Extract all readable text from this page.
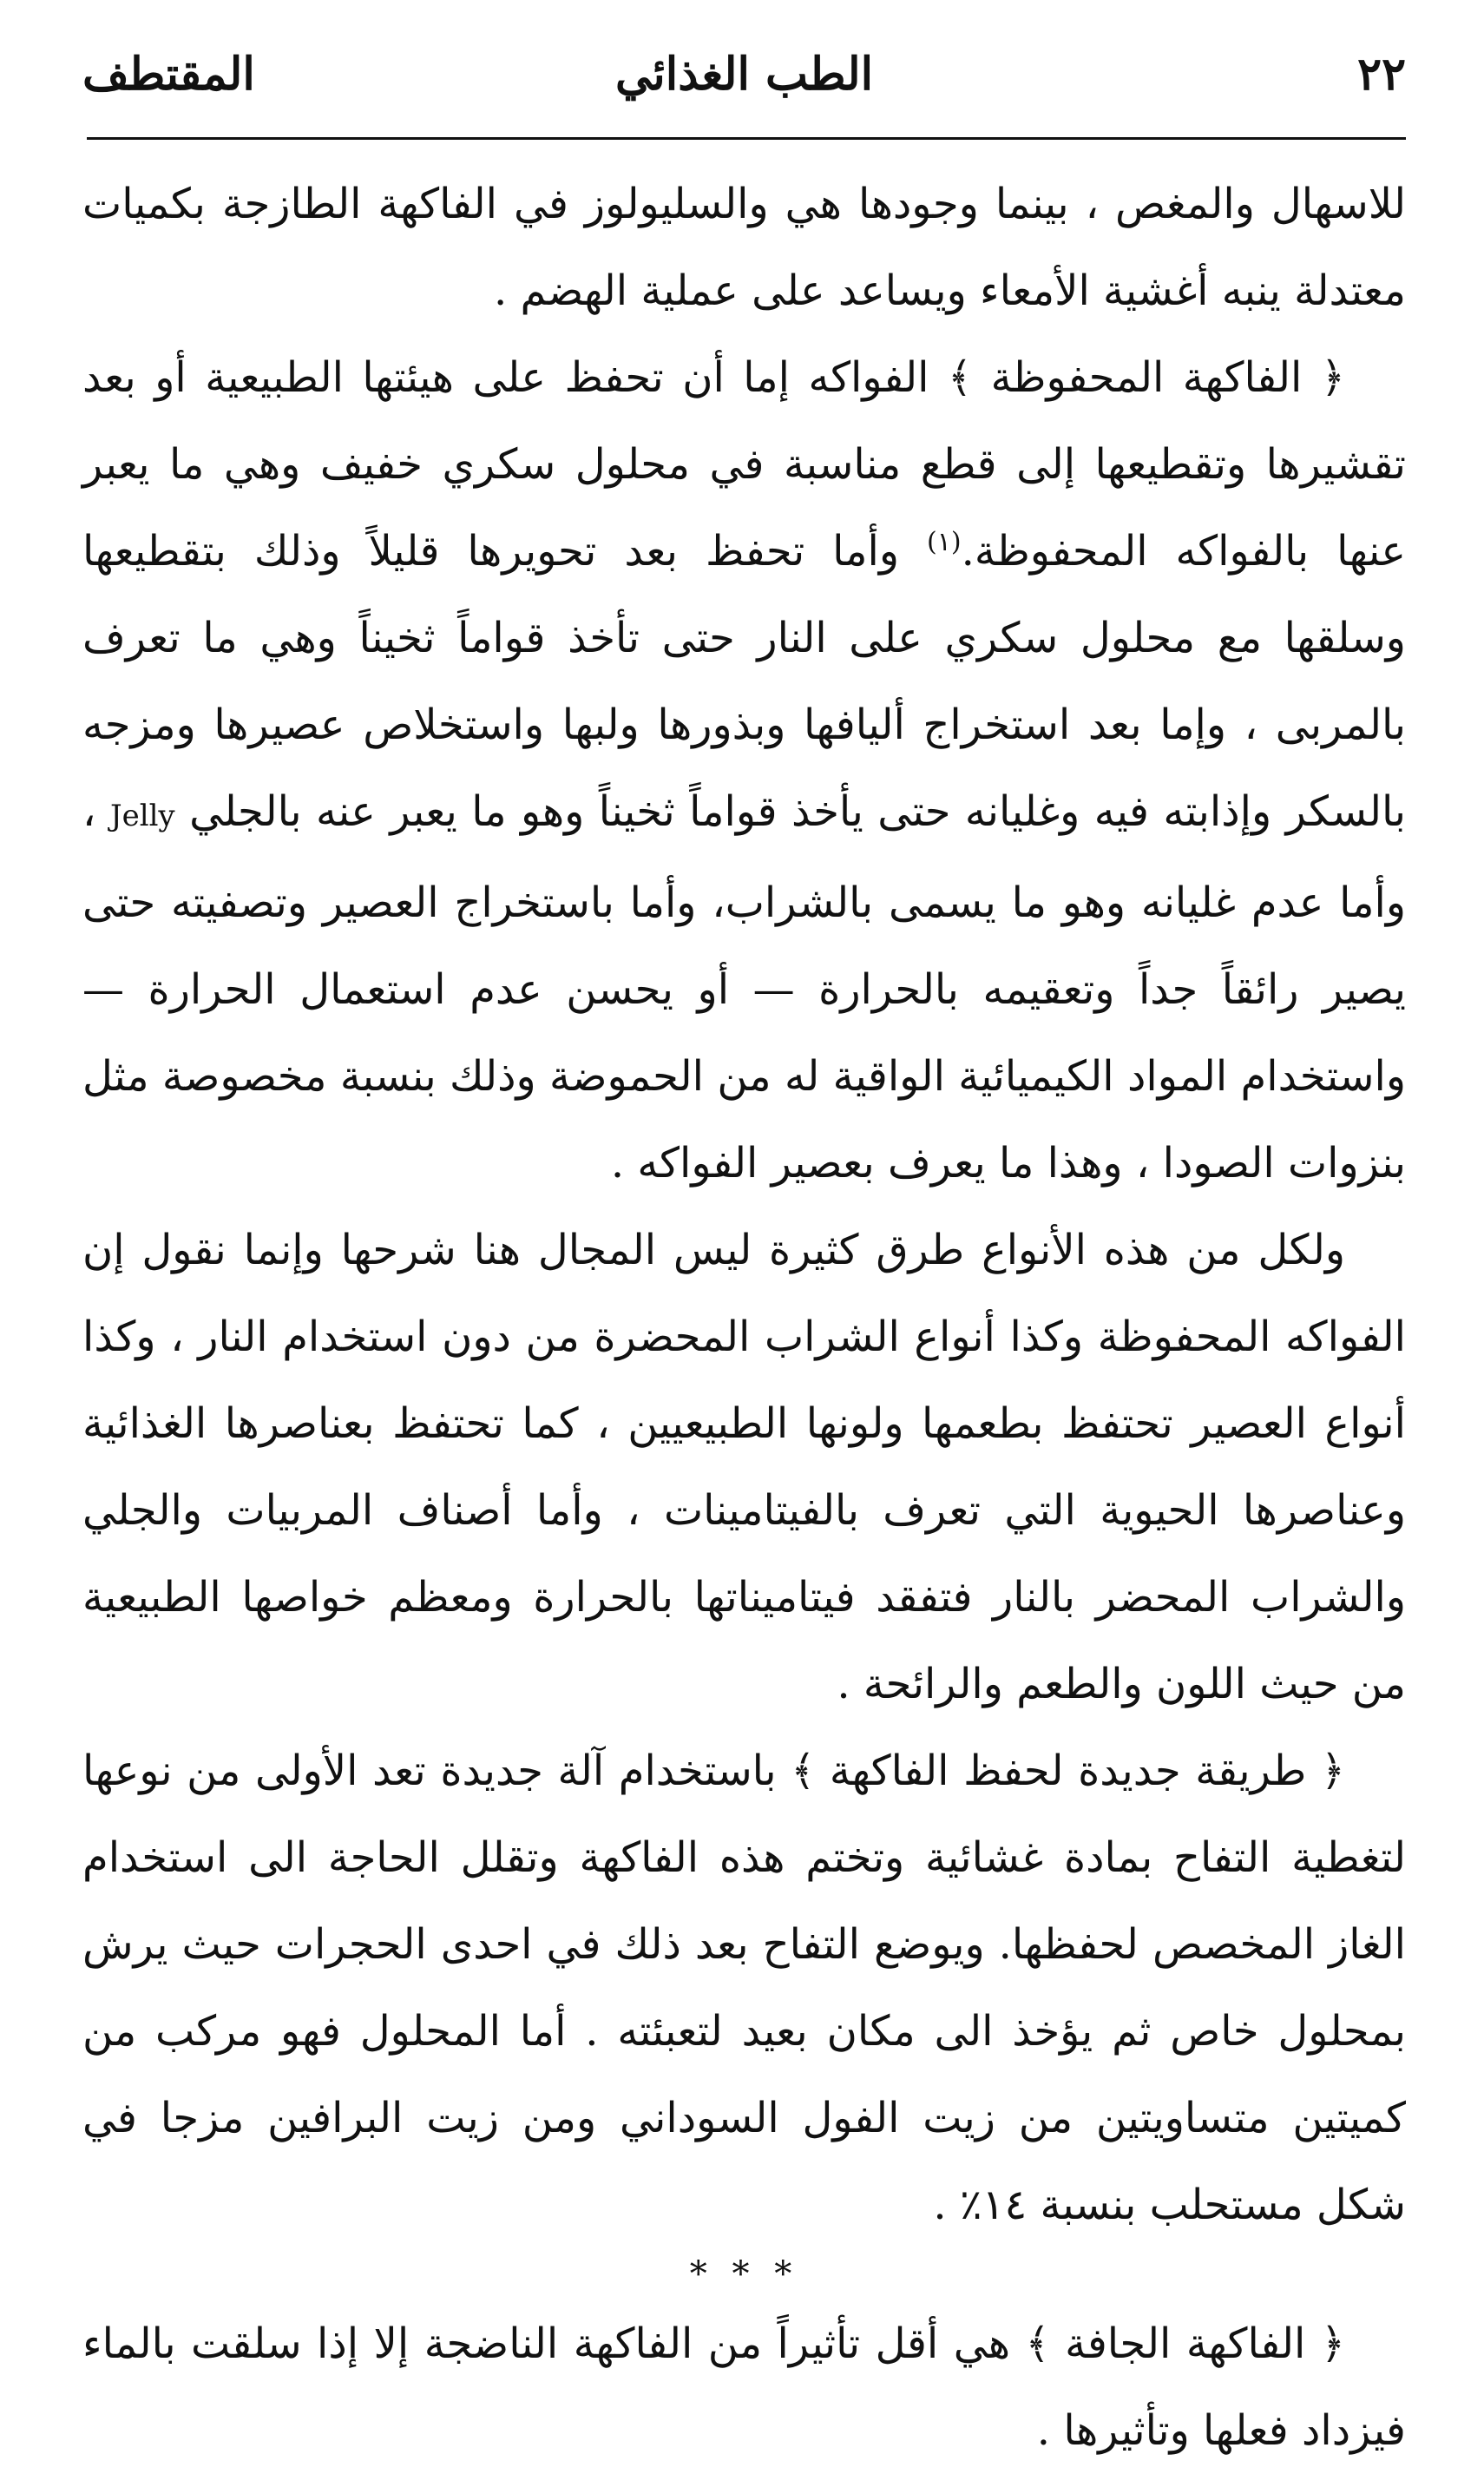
٢٢
الطب الغذائي
المقتطف

للاسهال والمغص ، بينما وجودها هي والسليولوز في الفاكهة الطازجة بكميات معتدلة ينبه أغشية الأمعاء ويساعد على عملية الهضم .

﴿ الفاكهة المحفوظة ﴾ الفواكه إما أن تحفظ على هيئتها الطبيعية أو بعد تقشيرها وتقطيعها إلى قطع مناسبة في محلول سكري خفيف وهي ما يعبر عنها بالفواكه المحفوظة.$^{(١)}$ وأما تحفظ بعد تحويرها قليلاً وذلك بتقطيعها وسلقها مع محلول سكري على النار حتى تأخذ قواماً ثخيناً وهي ما تعرف بالمربى ، وإما بعد استخراج أليافها وبذورها ولبها واستخلاص عصيرها ومزجه بالسكر وإذابته فيه وغليانه حتى يأخذ قواماً ثخيناً وهو ما يعبر عنه بالجلي Jelly ، وأما عدم غليانه وهو ما يسمى بالشراب، وأما باستخراج العصير وتصفيته حتى يصير رائقاً جداً وتعقيمه بالحرارة — أو يحسن عدم استعمال الحرارة — واستخدام المواد الكيميائية الواقية له من الحموضة وذلك بنسبة مخصوصة مثل بنزوات الصودا ، وهذا ما يعرف بعصير الفواكه .

ولكل من هذه الأنواع طرق كثيرة ليس المجال هنا شرحها وإنما نقول إن الفواكه المحفوظة وكذا أنواع الشراب المحضرة من دون استخدام النار ، وكذا أنواع العصير تحتفظ بطعمها ولونها الطبيعيين ، كما تحتفظ بعناصرها الغذائية وعناصرها الحيوية التي تعرف بالفيتامينات ، وأما أصناف المربيات والجلي والشراب المحضر بالنار فتفقد فيتاميناتها بالحرارة ومعظم خواصها الطبيعية من حيث اللون والطعم والرائحة .

﴿ طريقة جديدة لحفظ الفاكهة ﴾ باستخدام آلة جديدة تعد الأولى من نوعها لتغطية التفاح بمادة غشائية وتختم هذه الفاكهة وتقلل الحاجة الى استخدام الغاز المخصص لحفظها. ويوضع التفاح بعد ذلك في احدى الحجرات حيث يرش بمحلول خاص ثم يؤخذ الى مكان بعيد لتعبئته . أما المحلول فهو مركب من كميتين متساويتين من زيت الفول السوداني ومن زيت البرافين مزجا في شكل مستحلب بنسبة ١٤٪ .

* * *

﴿ الفاكهة الجافة ﴾ هي أقل تأثيراً من الفاكهة الناضجة إلا إذا سلقت بالماء فيزداد فعلها وتأثيرها .
